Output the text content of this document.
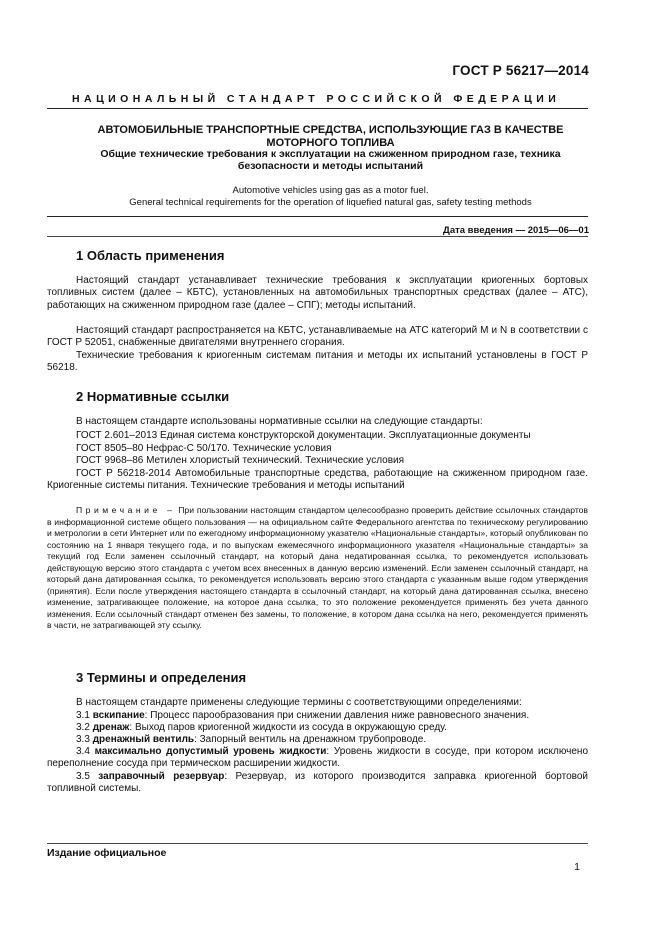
ГОСТ Р 56217—2014
НАЦИОНАЛЬНЫЙ СТАНДАРТ РОССИЙСКОЙ ФЕДЕРАЦИИ
АВТОМОБИЛЬНЫЕ ТРАНСПОРТНЫЕ СРЕДСТВА, ИСПОЛЬЗУЮЩИЕ ГАЗ В КАЧЕСТВЕ
МОТОРНОГО ТОПЛИВА
Общие технические требования к эксплуатации на сжиженном природном газе, техника
безопасности и методы испытаний
Automotive vehicles using gas as a motor fuel.
General technical requirements for the operation of liquefied natural gas, safety testing methods
Дата введения — 2015—06—01
1 Область применения
Настоящий стандарт устанавливает технические требования к эксплуатации криогенных бортовых топливных систем (далее – КБТС), установленных на автомобильных транспортных средствах (далее – АТС), работающих на сжиженном природном газе (далее – СПГ); методы испытаний.
Настоящий стандарт распространяется на КБТС, устанавливаемые на АТС категорий М и N в соответствии с ГОСТ Р 52051, снабженные двигателями внутреннего сгорания.
Технические требования к криогенным системам питания и методы их испытаний установлены в ГОСТ Р 56218.
2 Нормативные ссылки
В настоящем стандарте использованы нормативные ссылки на следующие стандарты:
ГОСТ 2.601–2013 Единая система конструкторской документации. Эксплуатационные документы
ГОСТ 8505–80 Нефрас-С 50/170. Технические условия
ГОСТ 9968–86 Метилен хлористый технический. Технические условия
ГОСТ Р 56218-2014 Автомобильные транспортные средства, работающие на сжиженном природном газе. Криогенные системы питания. Технические требования и методы испытаний
Примечание – При пользовании настоящим стандартом целесообразно проверить действие ссылочных стандартов в информационной системе общего пользования — на официальном сайте Федерального агентства по техническому регулированию и метрологии в сети Интернет или по ежегодному информационному указателю «Национальные стандарты», который опубликован по состоянию на 1 января текущего года, и по выпускам ежемесячного информационного указателя «Национальные стандарты» за текущий год Если заменен ссылочный стандарт, на который дана недатированная ссылка, то рекомендуется использовать действующую версию этого стандарта с учетом всех внесенных в данную версию изменений. Если заменен ссылочный стандарт, на который дана датированная ссылка, то рекомендуется использовать версию этого стандарта с указанным выше годом утверждения (принятия). Если после утверждения настоящего стандарта в ссылочный стандарт, на который дана датированная ссылка, внесено изменение, затрагивающее положение, на которое дана ссылка, то это положение рекомендуется применять без учета данного изменения. Если ссылочный стандарт отменен без замены, то положение, в котором дана ссылка на него, рекомендуется применять в части, не затрагивающей эту ссылку.
3 Термины и определения
В настоящем стандарте применены следующие термины с соответствующими определениями:
3.1 вскипание: Процесс парообразования при снижении давления ниже равновесного значения.
3.2 дренаж: Выход паров криогенной жидкости из сосуда в окружающую среду.
3.3 дренажный вентиль: Запорный вентиль на дренажном трубопроводе.
3.4 максимально допустимый уровень жидкости: Уровень жидкости в сосуде, при котором исключено переполнение сосуда при термическом расширении жидкости.
3.5 заправочный резервуар: Резервуар, из которого производится заправка криогенной бортовой топливной системы.
Издание официальное
1
